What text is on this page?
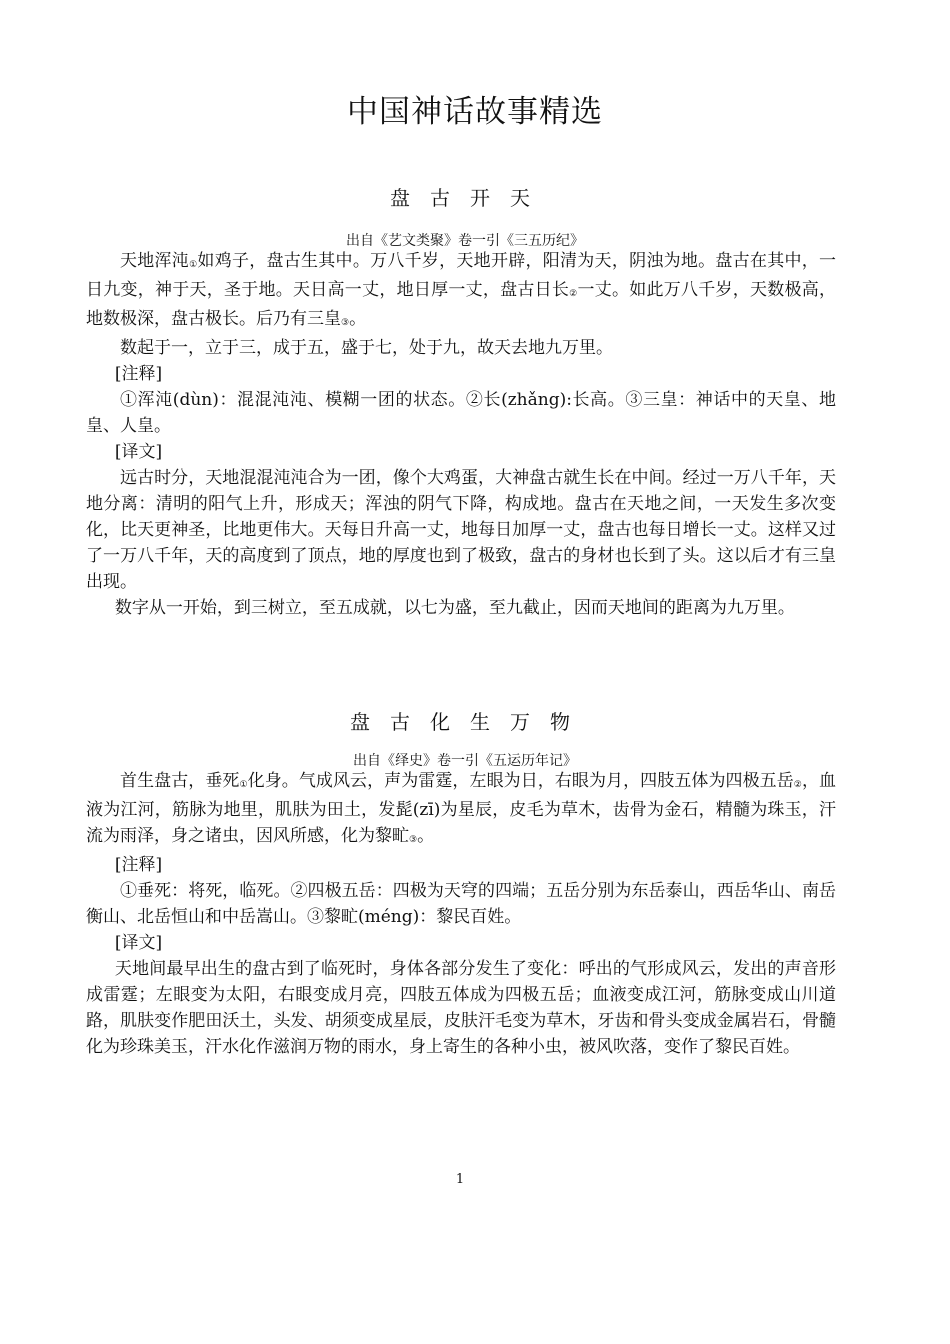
中国神话故事精选
盘　古　开　天
出自《艺文类聚》卷一引《三五历纪》

天地浑沌①如鸡子，盘古生其中。万八千岁，天地开辟，阳清为天，阴浊为地。盘古在其中，一日九变，神于天，圣于地。天日高一丈，地日厚一丈，盘古日长②一丈。如此万八千岁，天数极高，地数极深，盘古极长。后乃有三皇③。

数起于一，立于三，成于五，盛于七，处于九，故天去地九万里。

[注释]

①浑沌(dùn)：混混沌沌、模糊一团的状态。②长(zhǎng):长高。③三皇：神话中的天皇、地皇、人皇。

[译文]

远古时分，天地混混沌沌合为一团，像个大鸡蛋，大神盘古就生长在中间。经过一万八千年，天地分离：清明的阳气上升，形成天；浑浊的阴气下降，构成地。盘古在天地之间，一天发生多次变化，比天更神圣，比地更伟大。天每日升高一丈，地每日加厚一丈，盘古也每日增长一丈。这样又过了一万八千年，天的高度到了顶点，地的厚度也到了极致，盘古的身材也长到了头。这以后才有三皇出现。

数字从一开始，到三树立，至五成就，以七为盛，至九截止，因而天地间的距离为九万里。

盘　古　化　生　万　物
出自《绎史》卷一引《五运历年记》

首生盘古，垂死①化身。气成风云，声为雷霆，左眼为日，右眼为月，四肢五体为四极五岳②，血液为江河，筋脉为地里，肌肤为田土，发髭(zī)为星辰，皮毛为草木，齿骨为金石，精髓为珠玉，汗流为雨泽，身之诸虫，因风所感，化为黎甿③。

[注释]

①垂死：将死，临死。②四极五岳：四极为天穹的四端；五岳分别为东岳泰山，西岳华山、南岳衡山、北岳恒山和中岳嵩山。③黎甿(méng)：黎民百姓。

[译文]

天地间最早出生的盘古到了临死时，身体各部分发生了变化：呼出的气形成风云，发出的声音形成雷霆；左眼变为太阳，右眼变成月亮，四肢五体成为四极五岳；血液变成江河，筋脉变成山川道路，肌肤变作肥田沃土，头发、胡须变成星辰，皮肤汗毛变为草木，牙齿和骨头变成金属岩石，骨髓化为珍珠美玉，汗水化作滋润万物的雨水，身上寄生的各种小虫，被风吹落，变作了黎民百姓。

1
